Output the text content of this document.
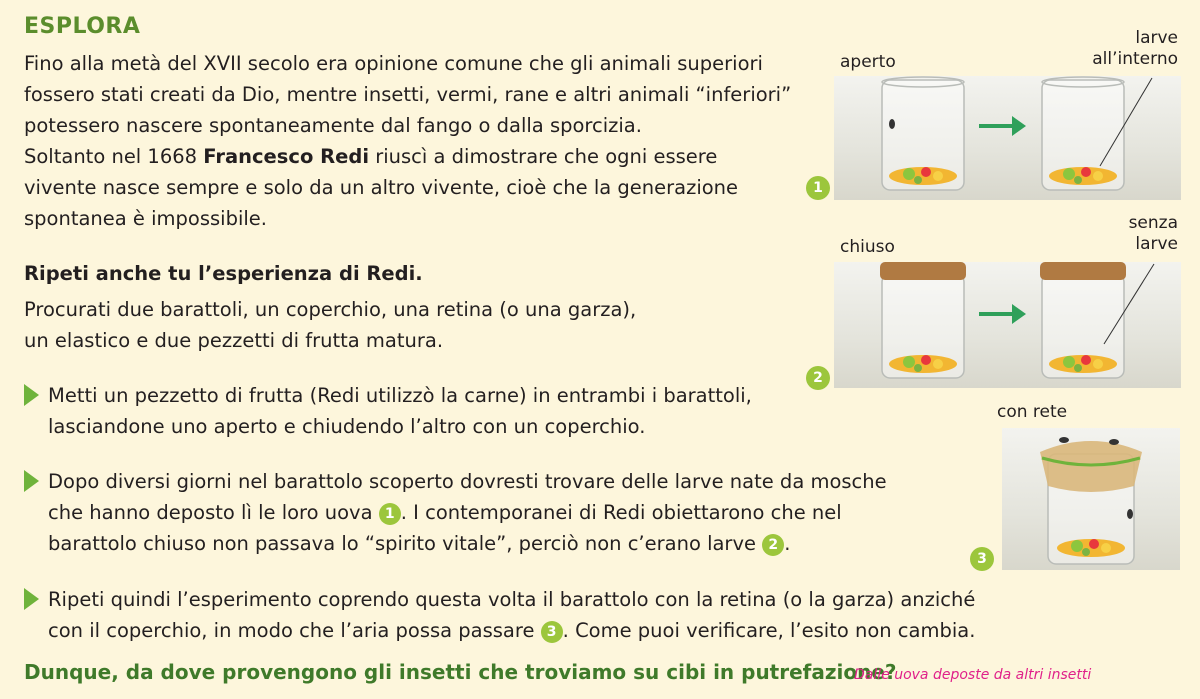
ESPLORA
Fino alla metà del XVII secolo era opinione comune che gli animali superiori
fossero stati creati da Dio, mentre insetti, vermi, rane e altri animali “inferiori”
potessero nascere spontaneamente dal fango o dalla sporcizia.
Soltanto nel 1668 Francesco Redi riuscì a dimostrare che ogni essere
vivente nasce sempre e solo da un altro vivente, cioè che la generazione
spontanea è impossibile.
Ripeti anche tu l’esperienza di Redi.
Procurati due barattoli, un coperchio, una retina (o una garza),
un elastico e due pezzetti di frutta matura.
Metti un pezzetto di frutta (Redi utilizzò la carne) in entrambi i barattoli,
lasciandone uno aperto e chiudendo l’altro con un coperchio.
Dopo diversi giorni nel barattolo scoperto dovresti trovare delle larve nate da mosche
che hanno deposto lì le loro uova 1 . I contemporanei di Redi obiettarono che nel
barattolo chiuso non passava lo “spirito vitale”, perciò non c’erano larve 2 .
Ripeti quindi l’esperimento coprendo questa volta il barattolo con la retina (o la garza) anziché
con il coperchio, in modo che l’aria possa passare 3 . Come puoi verificare, l’esito non cambia.
Dunque, da dove provengono gli insetti che troviamo su cibi in putrefazione?
Dalle uova deposte da altri insetti
aperto
larve
all’interno
1
chiuso
senza
larve
2
con rete
3
